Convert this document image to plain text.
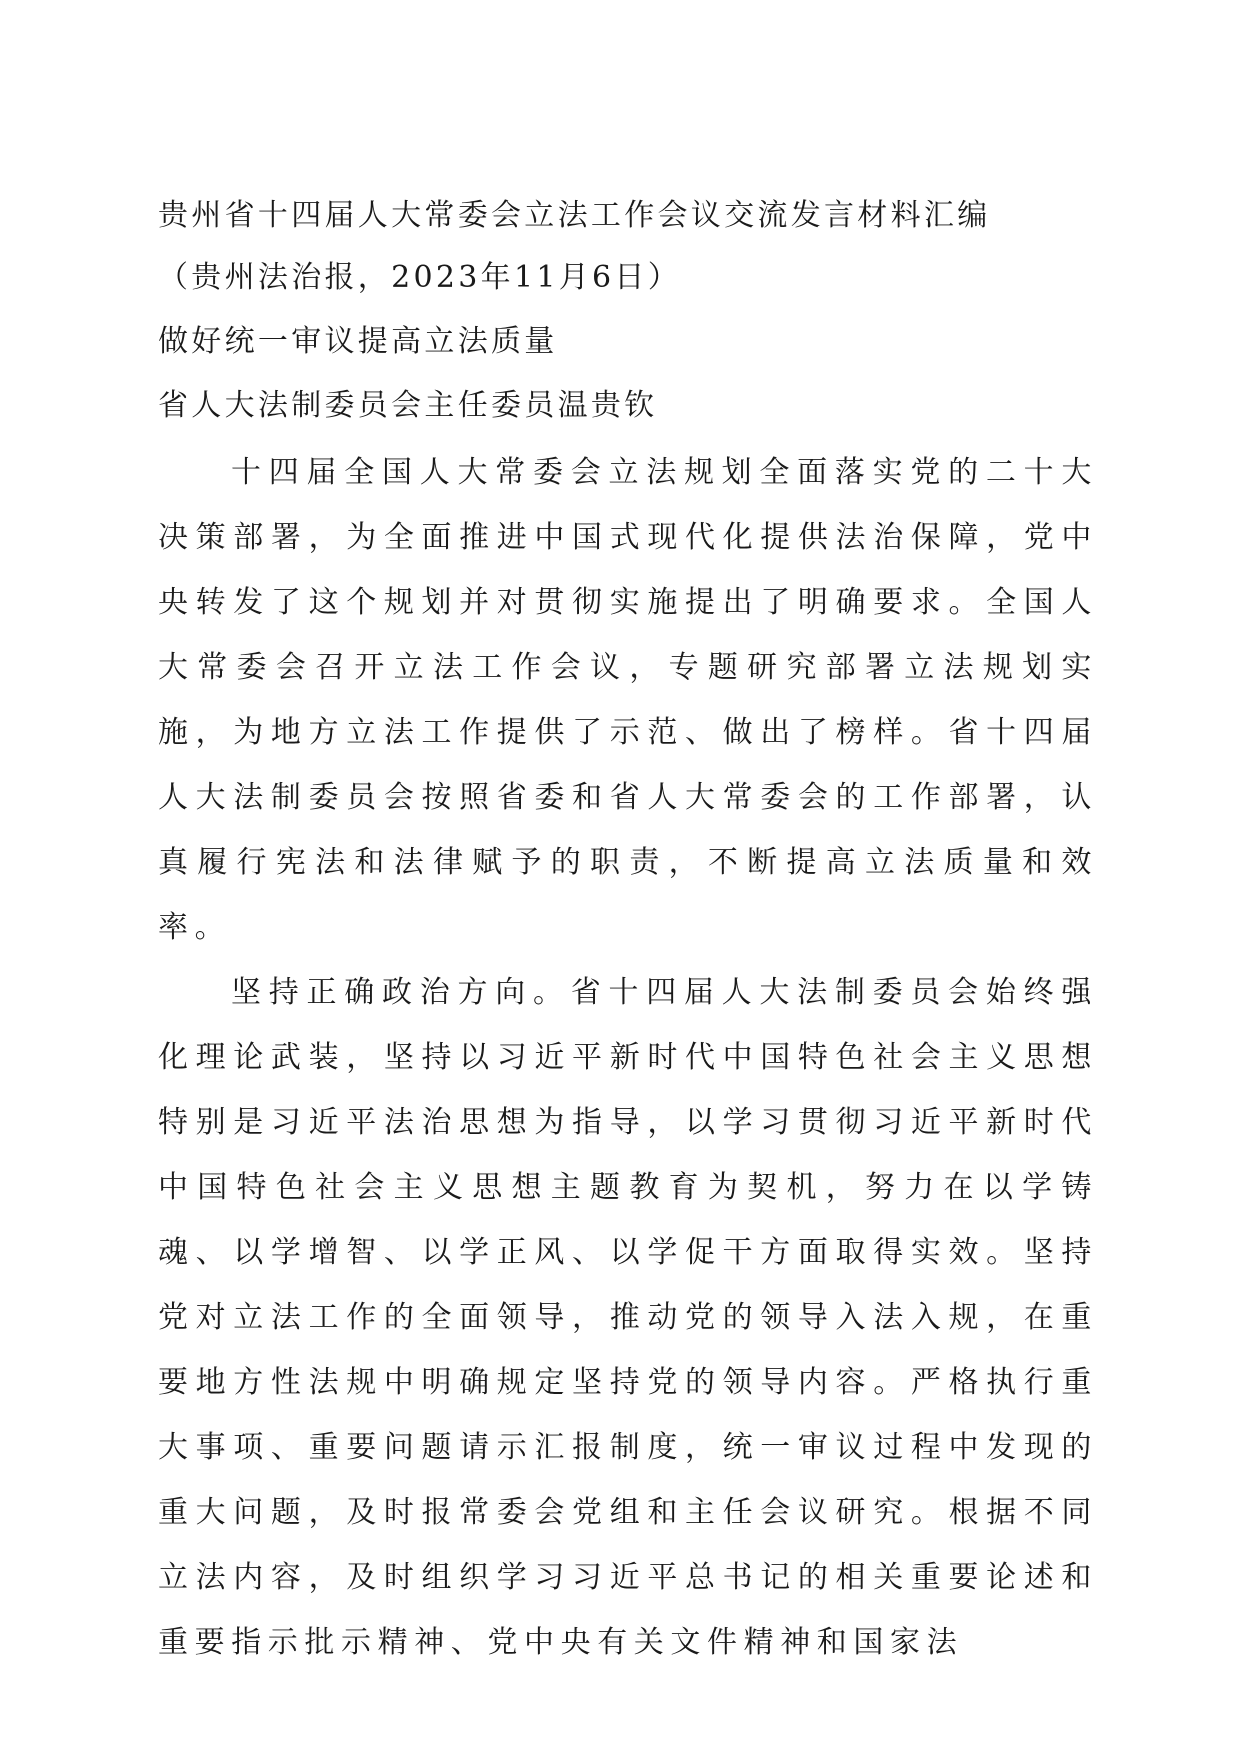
贵州省十四届人大常委会立法工作会议交流发言材料汇编
（贵州法治报，2023年11月6日）
做好统一审议提高立法质量
省人大法制委员会主任委员温贵钦

十四届全国人大常委会立法规划全面落实党的二十大决策部署，为全面推进中国式现代化提供法治保障，党中央转发了这个规划并对贯彻实施提出了明确要求。全国人大常委会召开立法工作会议，专题研究部署立法规划实施，为地方立法工作提供了示范、做出了榜样。省十四届人大法制委员会按照省委和省人大常委会的工作部署，认真履行宪法和法律赋予的职责，不断提高立法质量和效率。

坚持正确政治方向。省十四届人大法制委员会始终强化理论武装，坚持以习近平新时代中国特色社会主义思想特别是习近平法治思想为指导，以学习贯彻习近平新时代中国特色社会主义思想主题教育为契机，努力在以学铸魂、以学增智、以学正风、以学促干方面取得实效。坚持党对立法工作的全面领导，推动党的领导入法入规，在重要地方性法规中明确规定坚持党的领导内容。严格执行重大事项、重要问题请示汇报制度，统一审议过程中发现的重大问题，及时报常委会党组和主任会议研究。根据不同立法内容，及时组织学习习近平总书记的相关重要论述和重要指示批示精神、党中央有关文件精神和国家法
